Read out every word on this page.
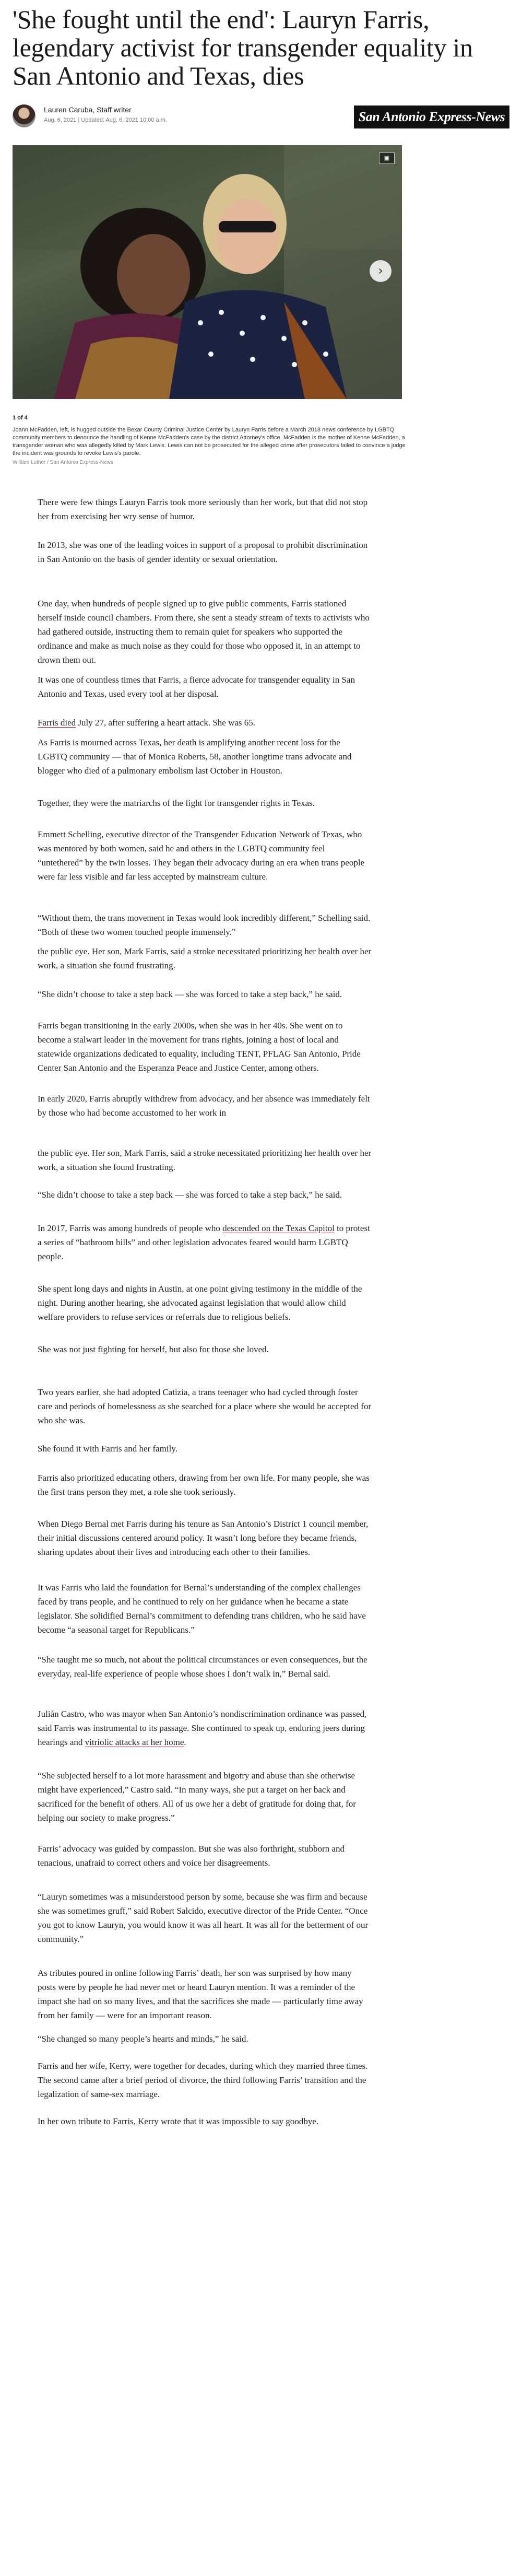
'She fought until the end': Lauryn Farris, legendary activist for transgender equality in San Antonio and Texas, dies
Lauren Caruba, Staff writer
Aug. 6, 2021 | Updated: Aug. 6, 2021 10:00 a.m.	San Antonio Express-News
▣
›
1 of 4
Joann McFadden, left, is hugged outside the Bexar County Criminal Justice Center by Lauryn Farris before a March 2018 news conference by LGBTQ community members to denounce the handling of Kenne McFadden's case by the district Attorney's office. McFadden is the mother of Kenne McFadden, a transgender woman who was allegedly killed by Mark Lewis. Lewis can not be prosecuted for the alleged crime after prosecutors failed to convince a judge the incident was grounds to revoke Lewis's parole.
William Luther / San Antonio Express-News

There were few things Lauryn Farris took more seriously than her work, but that did not stop her from exercising her wry sense of humor.

In 2013, she was one of the leading voices in support of a proposal to prohibit discrimination in San Antonio on the basis of gender identity or sexual orientation.

One day, when hundreds of people signed up to give public comments, Farris stationed herself inside council chambers. From there, she sent a steady stream of texts to activists who had gathered outside, instructing them to remain quiet for speakers who supported the ordinance and make as much noise as they could for those who opposed it, in an attempt to drown them out.

It was one of countless times that Farris, a fierce advocate for transgender equality in San Antonio and Texas, used every tool at her disposal.

Farris died July 27, after suffering a heart attack. She was 65.

As Farris is mourned across Texas, her death is amplifying another recent loss for the LGBTQ community — that of Monica Roberts, 58, another longtime trans advocate and blogger who died of a pulmonary embolism last October in Houston.

Together, they were the matriarchs of the fight for transgender rights in Texas.

Emmett Schelling, executive director of the Transgender Education Network of Texas, who was mentored by both women, said he and others in the LGBTQ community feel “untethered” by the twin losses. They began their advocacy during an era when trans people were far less visible and far less accepted by mainstream culture.

“Without them, the trans movement in Texas would look incredibly different,” Schelling said. “Both of these two women touched people immensely.”

the public eye. Her son, Mark Farris, said a stroke necessitated prioritizing her health over her work, a situation she found frustrating.

“She didn’t choose to take a step back — she was forced to take a step back,” he said.

Farris began transitioning in the early 2000s, when she was in her 40s. She went on to become a stalwart leader in the movement for trans rights, joining a host of local and statewide organizations dedicated to equality, including TENT, PFLAG San Antonio, Pride Center San Antonio and the Esperanza Peace and Justice Center, among others.

In early 2020, Farris abruptly withdrew from advocacy, and her absence was immediately felt by those who had become accustomed to her work in

the public eye. Her son, Mark Farris, said a stroke necessitated prioritizing her health over her work, a situation she found frustrating.

“She didn’t choose to take a step back — she was forced to take a step back,” he said.

In 2017, Farris was among hundreds of people who descended on the Texas Capitol to protest a series of “bathroom bills” and other legislation advocates feared would harm LGBTQ people.

She spent long days and nights in Austin, at one point giving testimony in the middle of the night. During another hearing, she advocated against legislation that would allow child welfare providers to refuse services or referrals due to religious beliefs.

She was not just fighting for herself, but also for those she loved.

Two years earlier, she had adopted Catizia, a trans teenager who had cycled through foster care and periods of homelessness as she searched for a place where she would be accepted for who she was.

She found it with Farris and her family.

Farris also prioritized educating others, drawing from her own life. For many people, she was the first trans person they met, a role she took seriously.

When Diego Bernal met Farris during his tenure as San Antonio’s District 1 council member, their initial discussions centered around policy. It wasn’t long before they became friends, sharing updates about their lives and introducing each other to their families.

It was Farris who laid the foundation for Bernal’s understanding of the complex challenges faced by trans people, and he continued to rely on her guidance when he became a state legislator. She solidified Bernal’s commitment to defending trans children, who he said have become “a seasonal target for Republicans.”

“She taught me so much, not about the political circumstances or even consequences, but the everyday, real-life experience of people whose shoes I don’t walk in,” Bernal said.

Julián Castro, who was mayor when San Antonio’s nondiscrimination ordinance was passed, said Farris was instrumental to its passage. She continued to speak up, enduring jeers during hearings and vitriolic attacks at her home.

“She subjected herself to a lot more harassment and bigotry and abuse than she otherwise might have experienced,” Castro said. “In many ways, she put a target on her back and sacrificed for the benefit of others. All of us owe her a debt of gratitude for doing that, for helping our society to make progress.”

Farris’ advocacy was guided by compassion. But she was also forthright, stubborn and tenacious, unafraid to correct others and voice her disagreements.

“Lauryn sometimes was a misunderstood person by some, because she was firm and because she was sometimes gruff,” said Robert Salcido, executive director of the Pride Center. “Once you got to know Lauryn, you would know it was all heart. It was all for the betterment of our community.”

As tributes poured in online following Farris’ death, her son was surprised by how many posts were by people he had never met or heard Lauryn mention. It was a reminder of the impact she had on so many lives, and that the sacrifices she made — particularly time away from her family — were for an important reason.

“She changed so many people’s hearts and minds,” he said.

Farris and her wife, Kerry, were together for decades, during which they married three times. The second came after a brief period of divorce, the third following Farris’ transition and the legalization of same-sex marriage.

In her own tribute to Farris, Kerry wrote that it was impossible to say goodbye.
